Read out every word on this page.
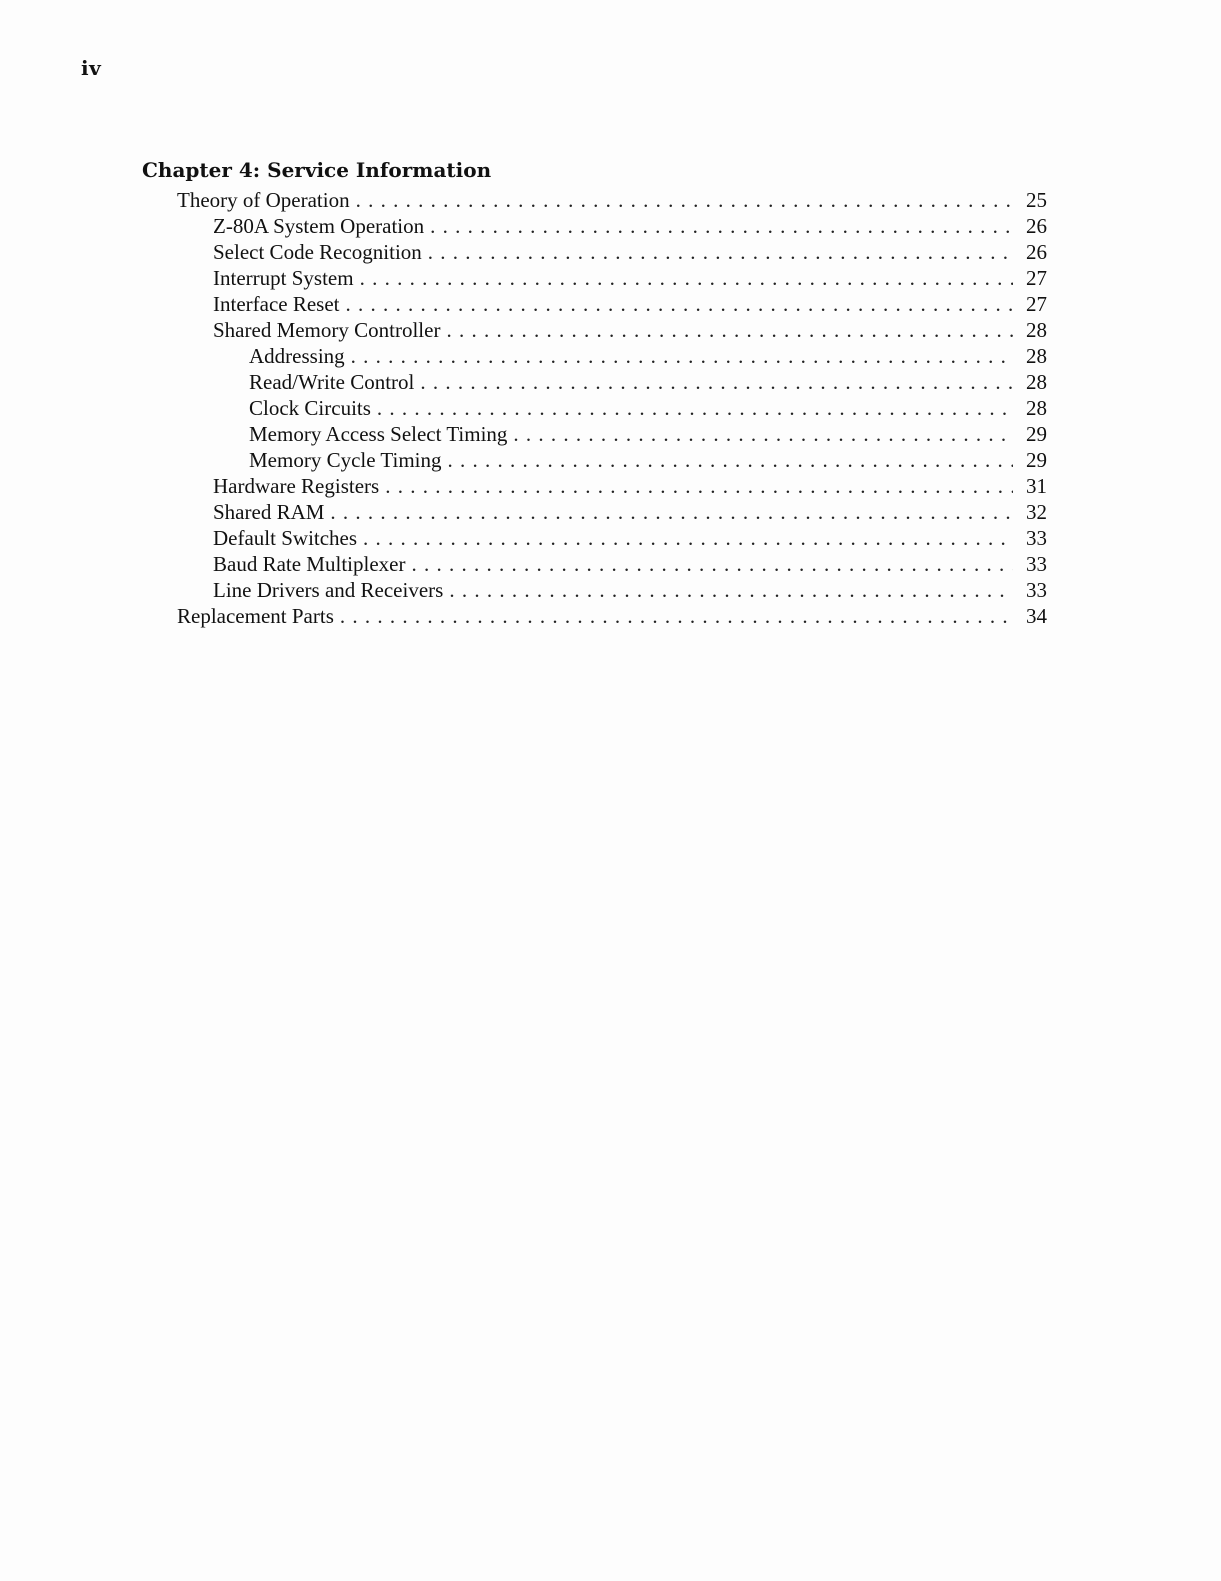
iv
Chapter 4: Service Information
Theory of Operation . . .	25
Z-80A System Operation . . .	26
Select Code Recognition . . .	26
Interrupt System . . .	27
Interface Reset . . .	27
Shared Memory Controller . . .	28
Addressing . . .	28
Read/Write Control . . .	28
Clock Circuits . . .	28
Memory Access Select Timing . . .	29
Memory Cycle Timing . . .	29
Hardware Registers . . .	31
Shared RAM . . .	32
Default Switches . . .	33
Baud Rate Multiplexer . . .	33
Line Drivers and Receivers . . .	33
Replacement Parts . . .	34
